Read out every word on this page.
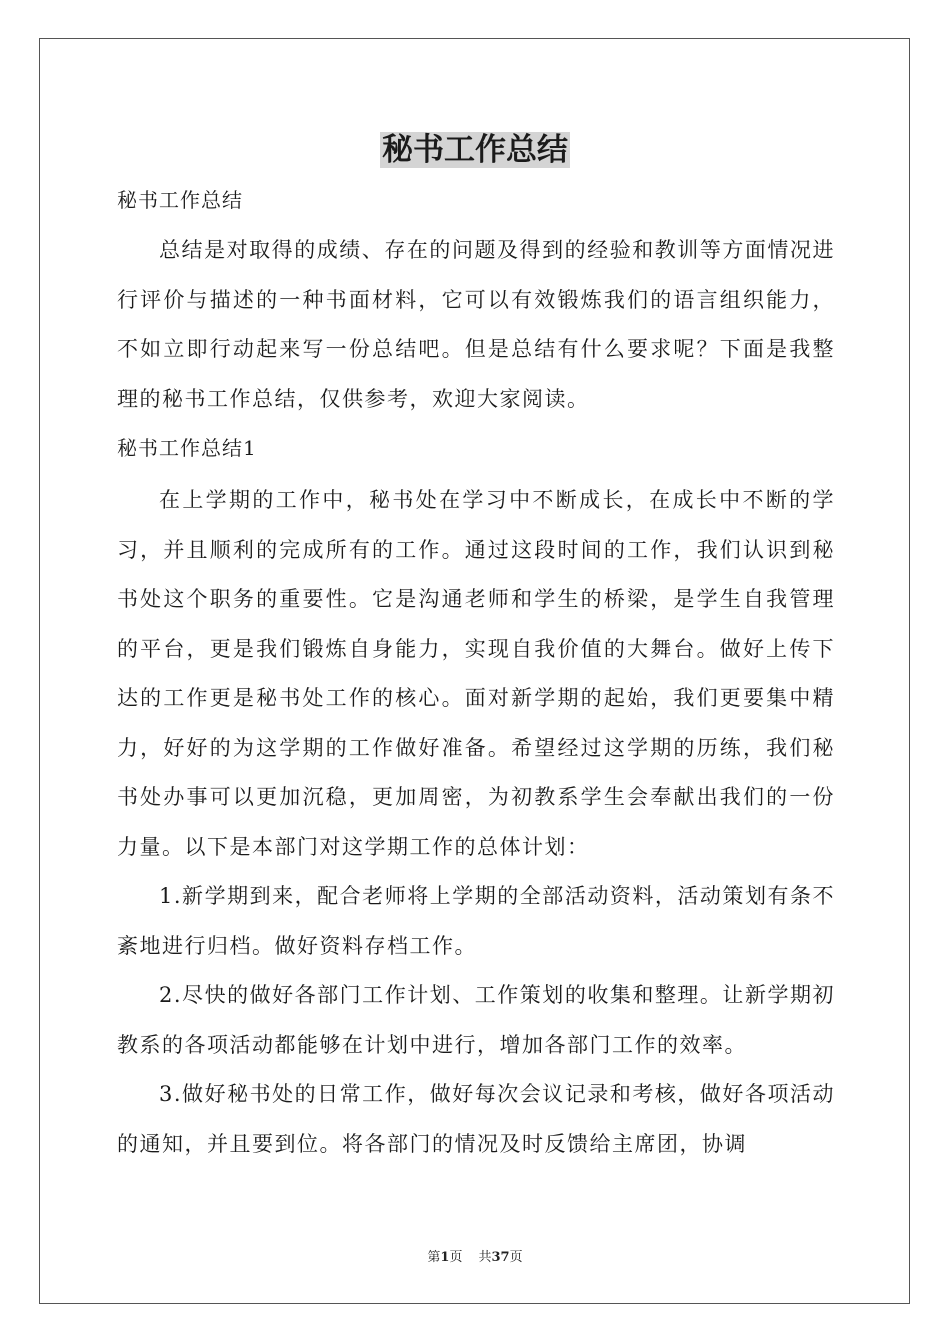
秘书工作总结

秘书工作总结

总结是对取得的成绩、存在的问题及得到的经验和教训等方面情况进行评价与描述的一种书面材料，它可以有效锻炼我们的语言组织能力，不如立即行动起来写一份总结吧。但是总结有什么要求呢？下面是我整理的秘书工作总结，仅供参考，欢迎大家阅读。

秘书工作总结1

在上学期的工作中，秘书处在学习中不断成长，在成长中不断的学习，并且顺利的完成所有的工作。通过这段时间的工作，我们认识到秘书处这个职务的重要性。它是沟通老师和学生的桥梁，是学生自我管理的平台，更是我们锻炼自身能力，实现自我价值的大舞台。做好上传下达的工作更是秘书处工作的核心。面对新学期的起始，我们更要集中精力，好好的为这学期的工作做好准备。希望经过这学期的历练，我们秘书处办事可以更加沉稳，更加周密，为初教系学生会奉献出我们的一份力量。以下是本部门对这学期工作的总体计划：

1.新学期到来，配合老师将上学期的全部活动资料，活动策划有条不紊地进行归档。做好资料存档工作。

2.尽快的做好各部门工作计划、工作策划的收集和整理。让新学期初教系的各项活动都能够在计划中进行，增加各部门工作的效率。

3.做好秘书处的日常工作，做好每次会议记录和考核，做好各项活动的通知，并且要到位。将各部门的情况及时反馈给主席团，协调

第1页 共37页
